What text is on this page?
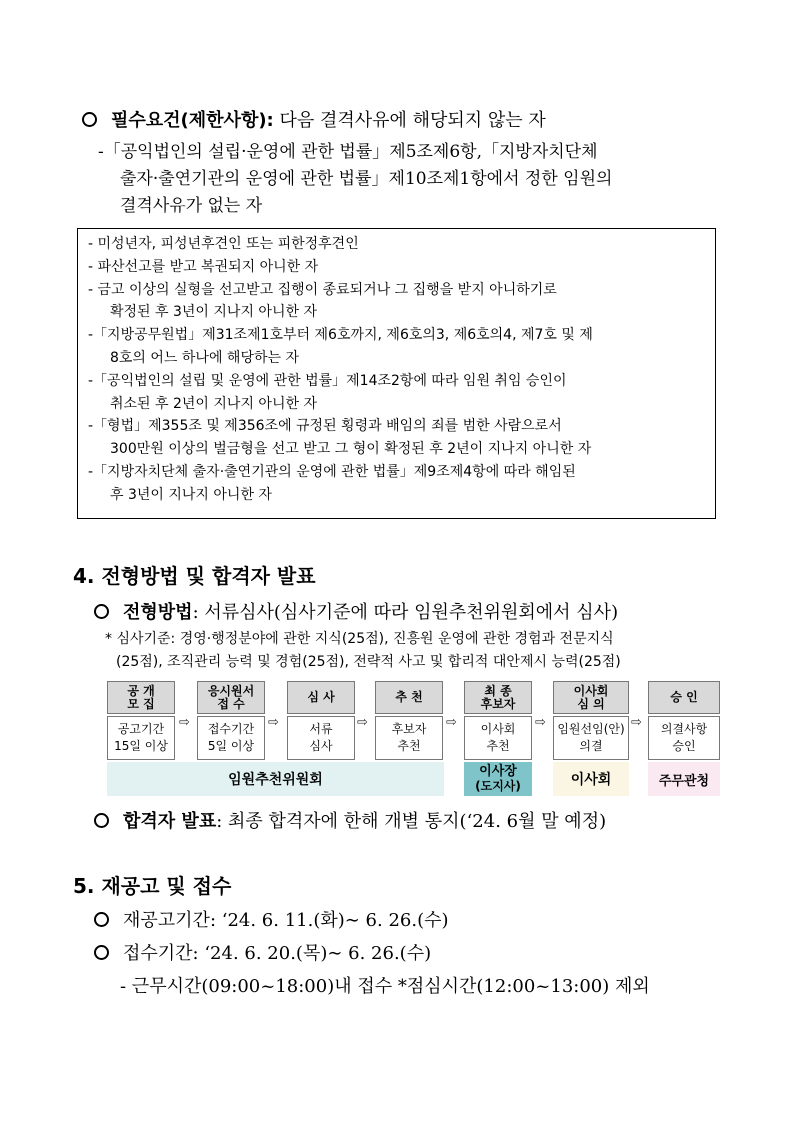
필수요건(제한사항): 다음 결격사유에 해당되지 않는 자
-「공익법인의 설립·운영에 관한 법률」제5조제6항,「지방자치단체
출자·출연기관의 운영에 관한 법률」제10조제1항에서 정한 임원의
결격사유가 없는 자
- 미성년자, 피성년후견인 또는 피한정후견인
- 파산선고를 받고 복권되지 아니한 자
- 금고 이상의 실형을 선고받고 집행이 종료되거나 그 집행을 받지 아니하기로
확정된 후 3년이 지나지 아니한 자
-「지방공무원법」제31조제1호부터 제6호까지, 제6호의3, 제6호의4, 제7호 및 제
8호의 어느 하나에 해당하는 자
-「공익법인의 설립 및 운영에 관한 법률」제14조2항에 따라 임원 취임 승인이
취소된 후 2년이 지나지 아니한 자
-「형법」제355조 및 제356조에 규정된 횡령과 배임의 죄를 범한 사람으로서
300만원 이상의 벌금형을 선고 받고 그 형이 확정된 후 2년이 지나지 아니한 자
-「지방자치단체 출자·출연기관의 운영에 관한 법률」제9조제4항에 따라 해임된
후 3년이 지나지 아니한 자
4. 전형방법 및 합격자 발표
전형방법: 서류심사(심사기준에 따라 임원추천위원회에서 심사)
* 심사기준: 경영·행정분야에 관한 지식(25점), 진흥원 운영에 관한 경험과 전문지식
(25점), 조직관리 능력 및 경험(25점), 전략적 사고 및 합리적 대안제시 능력(25점)
공 개
모 집
공고기간
15일 이상
⇨
응시원서
접 수
접수기간
5일 이상
⇨
심 사
서류
심사
⇨
추 천
후보자
추천
⇨
최 종
후보자
이사회
추천
⇨
이사회
심 의
임원선임(안)
의결
⇨
승 인
의결사항
승인
임원추천위원회
이사장
(도지사)	이사회	주무관청
합격자 발표: 최종 합격자에 한해 개별 통지(‘24. 6월 말 예정)
5. 재공고 및 접수
재공고기간: ‘24. 6. 11.(화)∼ 6. 26.(수)
접수기간: ‘24. 6. 20.(목)∼ 6. 26.(수)
- 근무시간(09:00~18:00)내 접수 *점심시간(12:00~13:00) 제외
